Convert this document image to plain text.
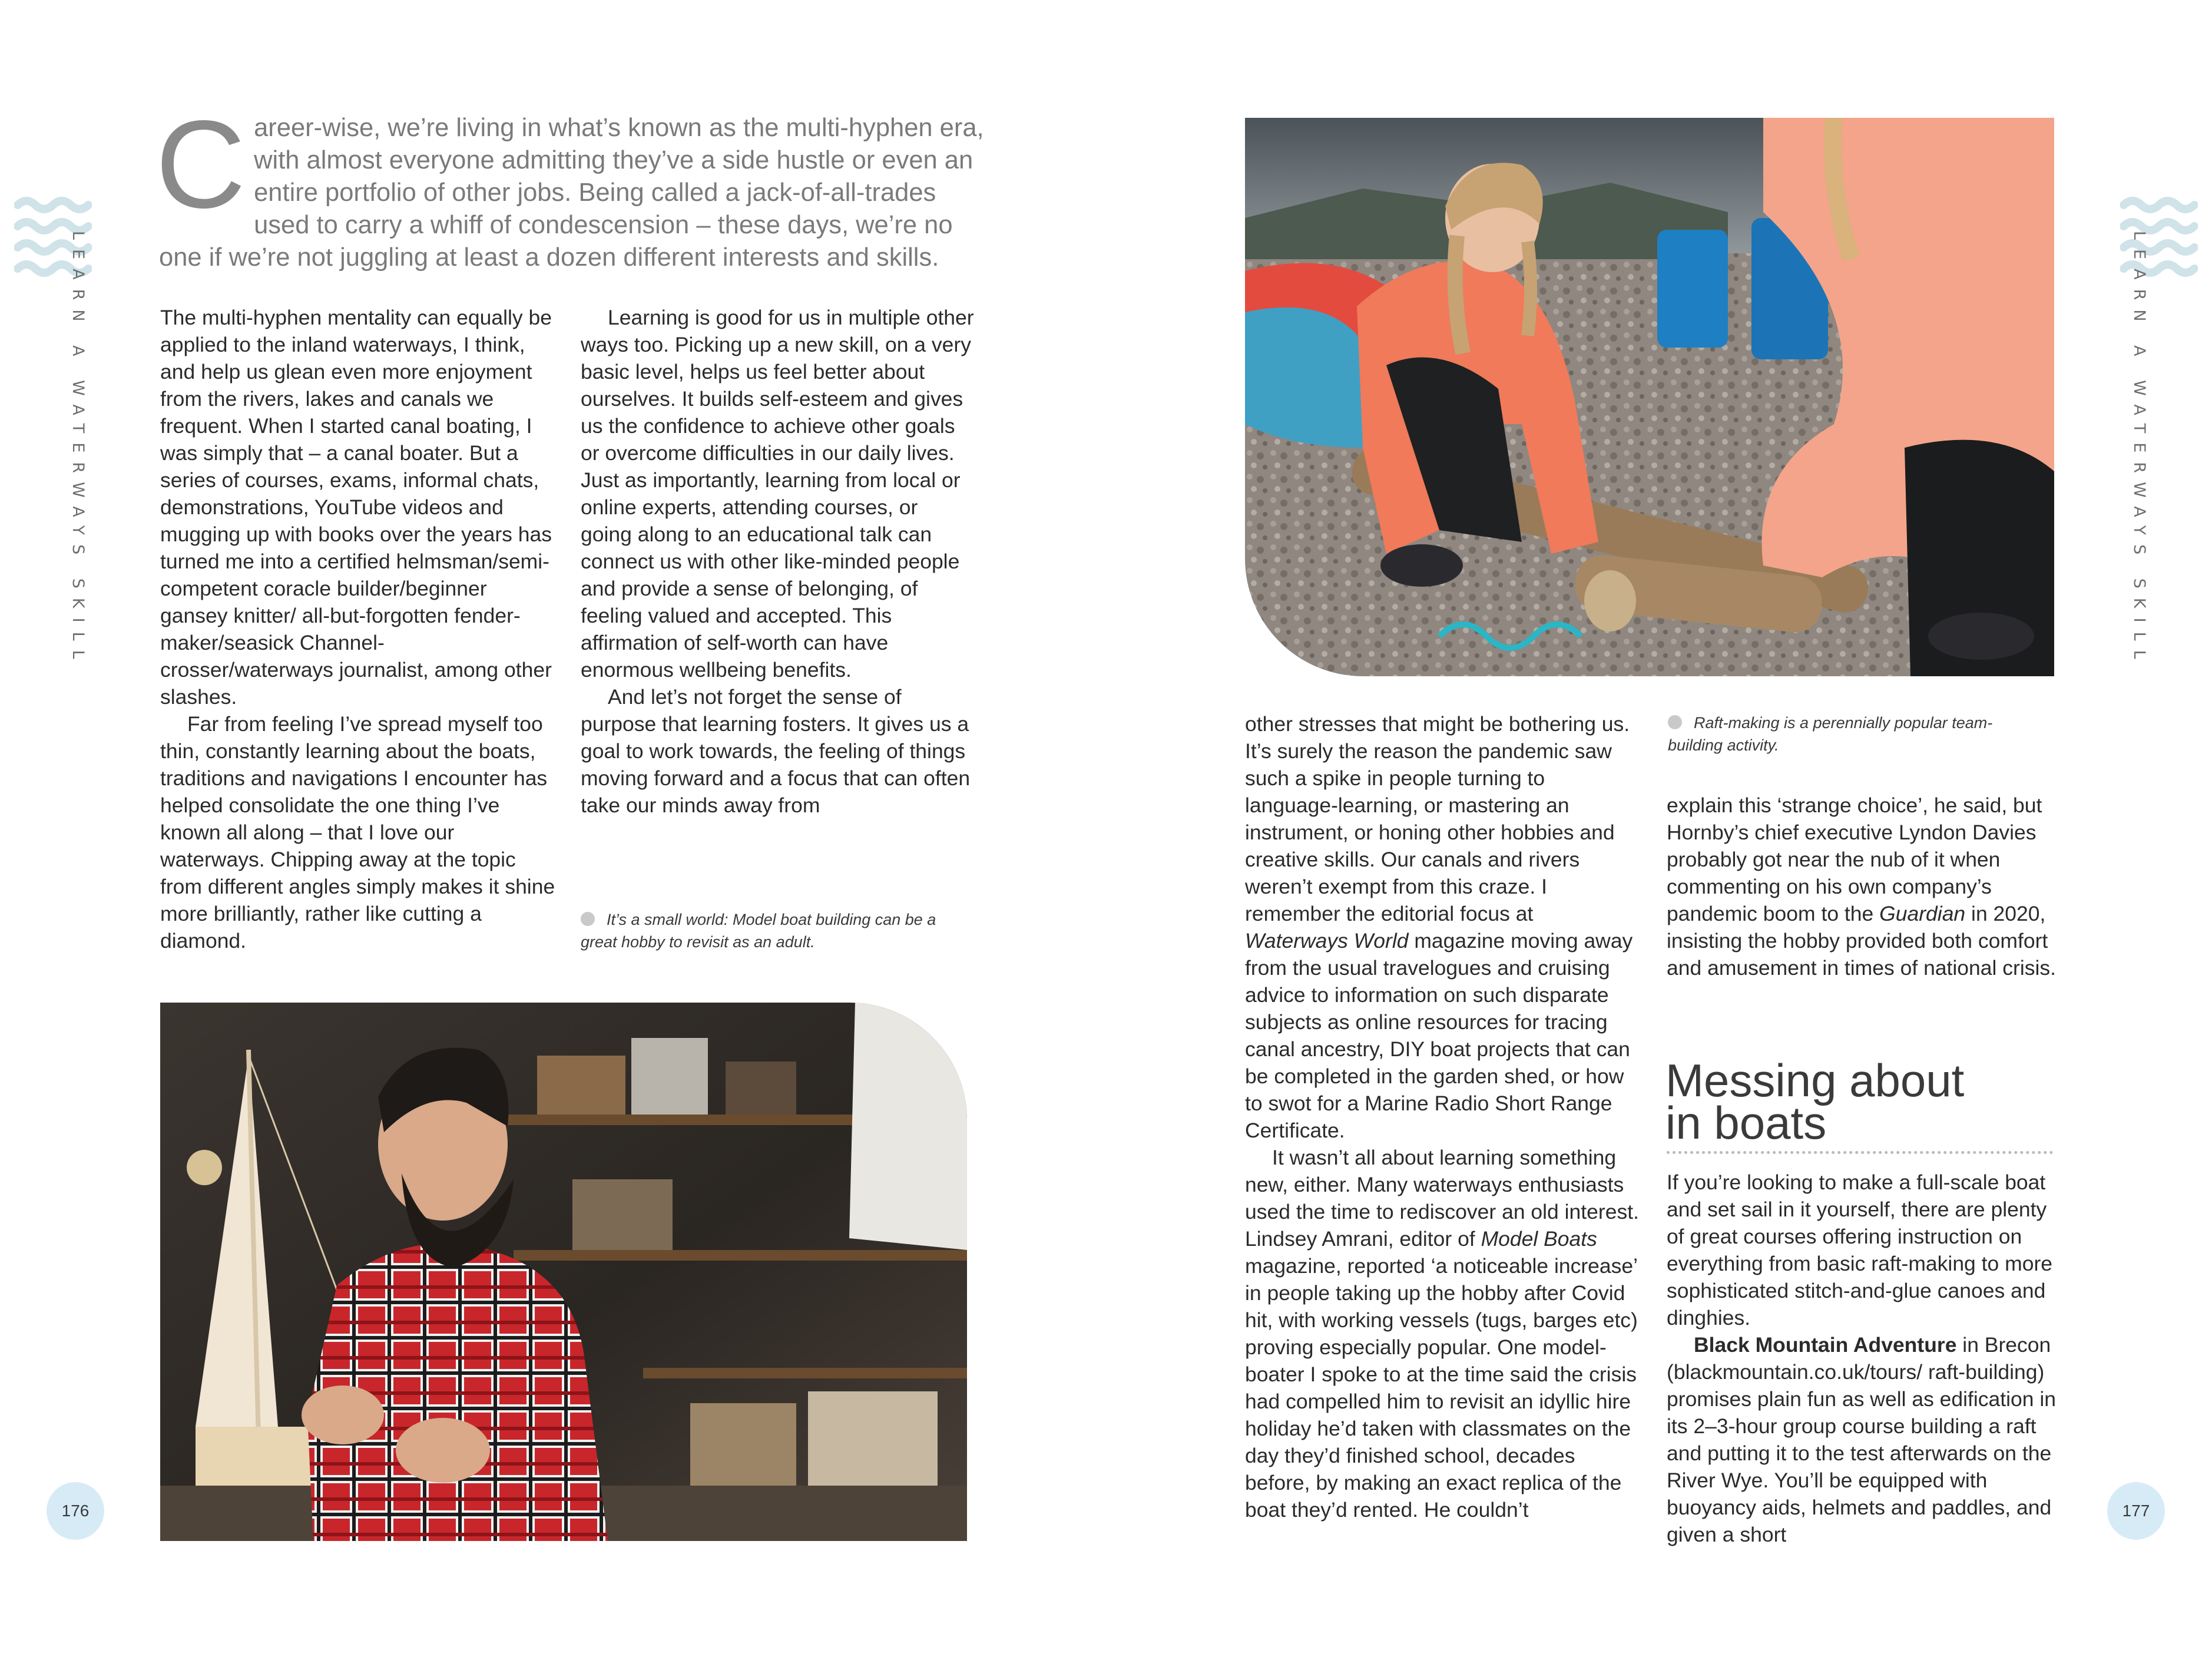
LEARN A WATERWAYS SKILL
Career-wise, we’re living in what’s known as the multi-hyphen era, with almost everyone admitting they’ve a side hustle or even an entire portfolio of other jobs. Being called a jack-of-all-trades used to carry a whiff of condescension – these days, we’re no one if we’re not juggling at least a dozen different interests and skills.

The multi-hyphen mentality can equally be applied to the inland waterways, I think, and help us glean even more enjoyment from the rivers, lakes and canals we frequent. When I started canal boating, I was simply that – a canal boater. But a series of courses, exams, informal chats, demonstrations, YouTube videos and mugging up with books over the years has turned me into a certified helmsman/semi-competent coracle builder/beginner gansey knitter/ all-but-forgotten fender-maker/seasick Channel-crosser/waterways journalist, among other slashes.

Far from feeling I’ve spread myself too thin, constantly learning about the boats, traditions and navigations I encounter has helped consolidate the one thing I’ve known all along – that I love our waterways. Chipping away at the topic from different angles simply makes it shine more brilliantly, rather like cutting a diamond.

Learning is good for us in multiple other ways too. Picking up a new skill, on a very basic level, helps us feel better about ourselves. It builds self-esteem and gives us the confidence to achieve other goals or overcome difficulties in our daily lives. Just as importantly, learning from local or online experts, attending courses, or going along to an educational talk can connect us with other like-minded people and provide a sense of belonging, of feeling valued and accepted. This affirmation of self-worth can have enormous wellbeing benefits.

And let’s not forget the sense of purpose that learning fosters. It gives us a goal to work towards, the feeling of things moving forward and a focus that can often take our minds away from

It’s a small world: Model boat building can be a great hobby to revisit as an adult.
176
Raft-making is a perennially popular team-building activity.

other stresses that might be bothering us. It’s surely the reason the pandemic saw such a spike in people turning to language-learning, or mastering an instrument, or honing other hobbies and creative skills. Our canals and rivers weren’t exempt from this craze. I remember the editorial focus at Waterways World magazine moving away from the usual travelogues and cruising advice to information on such disparate subjects as online resources for tracing canal ancestry, DIY boat projects that can be completed in the garden shed, or how to swot for a Marine Radio Short Range Certificate.

It wasn’t all about learning something new, either. Many waterways enthusiasts used the time to rediscover an old interest. Lindsey Amrani, editor of Model Boats magazine, reported ‘a noticeable increase’ in people taking up the hobby after Covid hit, with working vessels (tugs, barges etc) proving especially popular. One model-boater I spoke to at the time said the crisis had compelled him to revisit an idyllic hire holiday he’d taken with classmates on the day they’d finished school, decades before, by making an exact replica of the boat they’d rented. He couldn’t

explain this ‘strange choice’, he said, but Hornby’s chief executive Lyndon Davies probably got near the nub of it when commenting on his own company’s pandemic boom to the Guardian in 2020, insisting the hobby provided both comfort and amusement in times of national crisis.

Messing about
in boats

If you’re looking to make a full-scale boat and set sail in it yourself, there are plenty of great courses offering instruction on everything from basic raft-making to more sophisticated stitch-and-glue canoes and dinghies.

Black Mountain Adventure in Brecon (blackmountain.co.uk/tours/ raft-building) promises plain fun as well as edification in its 2–3-hour group course building a raft and putting it to the test afterwards on the River Wye. You’ll be equipped with buoyancy aids, helmets and paddles, and given a short

LEARN A WATERWAYS SKILL
177
